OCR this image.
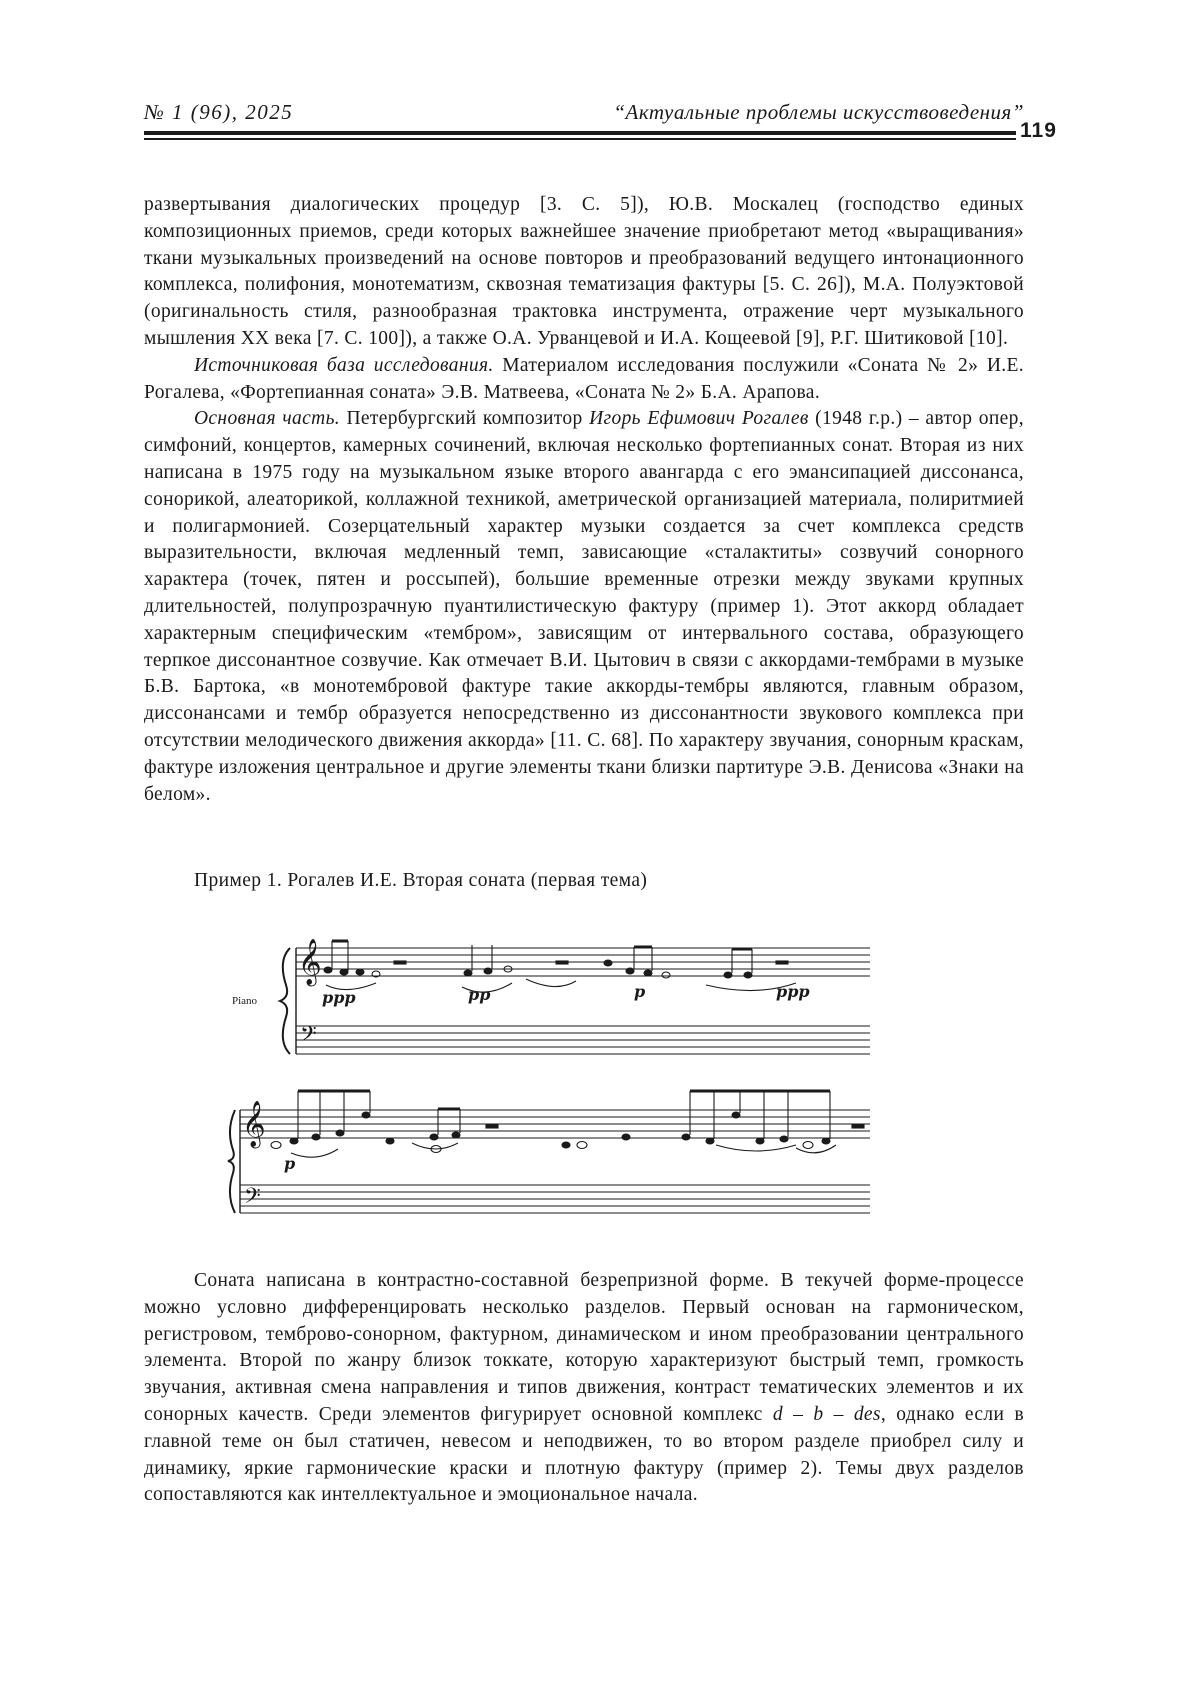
№ 1 (96), 2025	“Актуальные проблемы искусствоведения”
119

развертывания диалогических процедур [3. С. 5]), Ю.В. Москалец (господство единых композиционных приемов, среди которых важнейшее значение приобретают метод «выращивания» ткани музыкальных произведений на основе повторов и преобразований ведущего интонационного комплекса, полифония, монотематизм, сквозная тематизация фактуры [5. С. 26]), М.А. Полуэктовой (оригинальность стиля, разнообразная трактовка инструмента, отражение черт музыкального мышления XX века [7. С. 100]), а также О.А. Урванцевой и И.А. Кощеевой [9], Р.Г. Шитиковой [10].

Источниковая база исследования. Материалом исследования послужили «Соната № 2» И.Е. Рогалева, «Фортепианная соната» Э.В. Матвеева, «Соната № 2» Б.А. Арапова.

Основная часть. Петербургский композитор Игорь Ефимович Рогалев (1948 г.р.) – автор опер, симфоний, концертов, камерных сочинений, включая несколько фортепианных сонат. Вторая из них написана в 1975 году на музыкальном языке второго авангарда с его эмансипацией диссонанса, сонорикой, алеаторикой, коллажной техникой, аметрической организацией материала, полиритмией и полигармонией. Созерцательный характер музыки создается за счет комплекса средств выразительности, включая медленный темп, зависающие «сталактиты» созвучий сонорного характера (точек, пятен и россыпей), большие временные отрезки между звуками крупных длительностей, полупрозрачную пуантилистическую фактуру (пример 1). Этот аккорд обладает характерным специфическим «тембром», зависящим от интервального состава, образующего терпкое диссонантное созвучие. Как отмечает В.И. Цытович в связи с аккордами-тембрами в музыке Б.В. Бартока, «в монотембровой фактуре такие аккорды-тембры являются, главным образом, диссонансами и тембр образуется непосредственно из диссонантности звукового комплекса при отсутствии мелодического движения аккорда» [11. С. 68]. По характеру звучания, сонорным краскам, фактуре изложения центральное и другие элементы ткани близки партитуре Э.В. Денисова «Знаки на белом».

Пример 1. Рогалев И.Е. Вторая соната (первая тема)
𝄞
𝄢
𝄞
𝄢
Piano	ppp	pp	p	ppp
p

Соната написана в контрастно-составной безрепризной форме. В текучей форме-процессе можно условно дифференцировать несколько разделов. Первый основан на гармоническом, регистровом, темброво-сонорном, фактурном, динамическом и ином преобразовании центрального элемента. Второй по жанру близок токкате, которую характеризуют быстрый темп, громкость звучания, активная смена направления и типов движения, контраст тематических элементов и их сонорных качеств. Среди элементов фигурирует основной комплекс d – b – des, однако если в главной теме он был статичен, невесом и неподвижен, то во втором разделе приобрел силу и динамику, яркие гармонические краски и плотную фактуру (пример 2). Темы двух разделов сопоставляются как интеллектуальное и эмоциональное начала.
